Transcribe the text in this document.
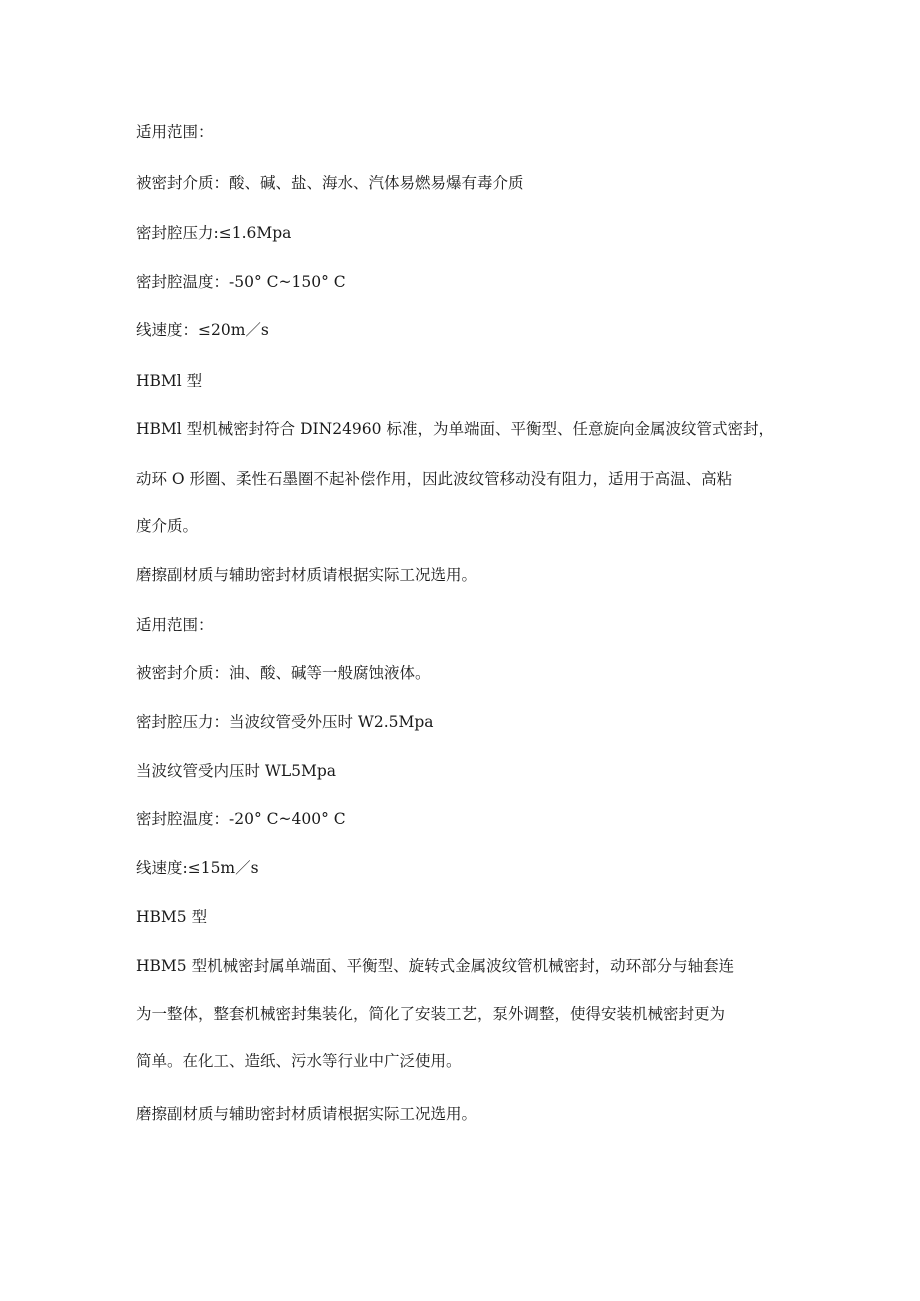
适用范围：
被密封介质：酸、碱、盐、海水、汽体易燃易爆有毒介质
密封腔压力:≤1.6Mpa
密封腔温度：-50° C~150° C
线速度：≤20m／s
HBMl 型
HBMl 型机械密封符合 DIN24960 标准，为单端面、平衡型、任意旋向金属波纹管式密封，
动环 O 形圈、柔性石墨圈不起补偿作用，因此波纹管移动没有阻力，适用于高温、高粘
度介质。
磨擦副材质与辅助密封材质请根据实际工况选用。
适用范围：
被密封介质：油、酸、碱等一般腐蚀液体。
密封腔压力：当波纹管受外压时 W2.5Mpa
当波纹管受内压时 WL5Mpa
密封腔温度：-20° C~400° C
线速度:≤15m／s
HBM5 型
HBM5 型机械密封属单端面、平衡型、旋转式金属波纹管机械密封，动环部分与轴套连
为一整体，整套机械密封集装化，简化了安装工艺，泵外调整，使得安装机械密封更为
简单。在化工、造纸、污水等行业中广泛使用。
磨擦副材质与辅助密封材质请根据实际工况选用。
